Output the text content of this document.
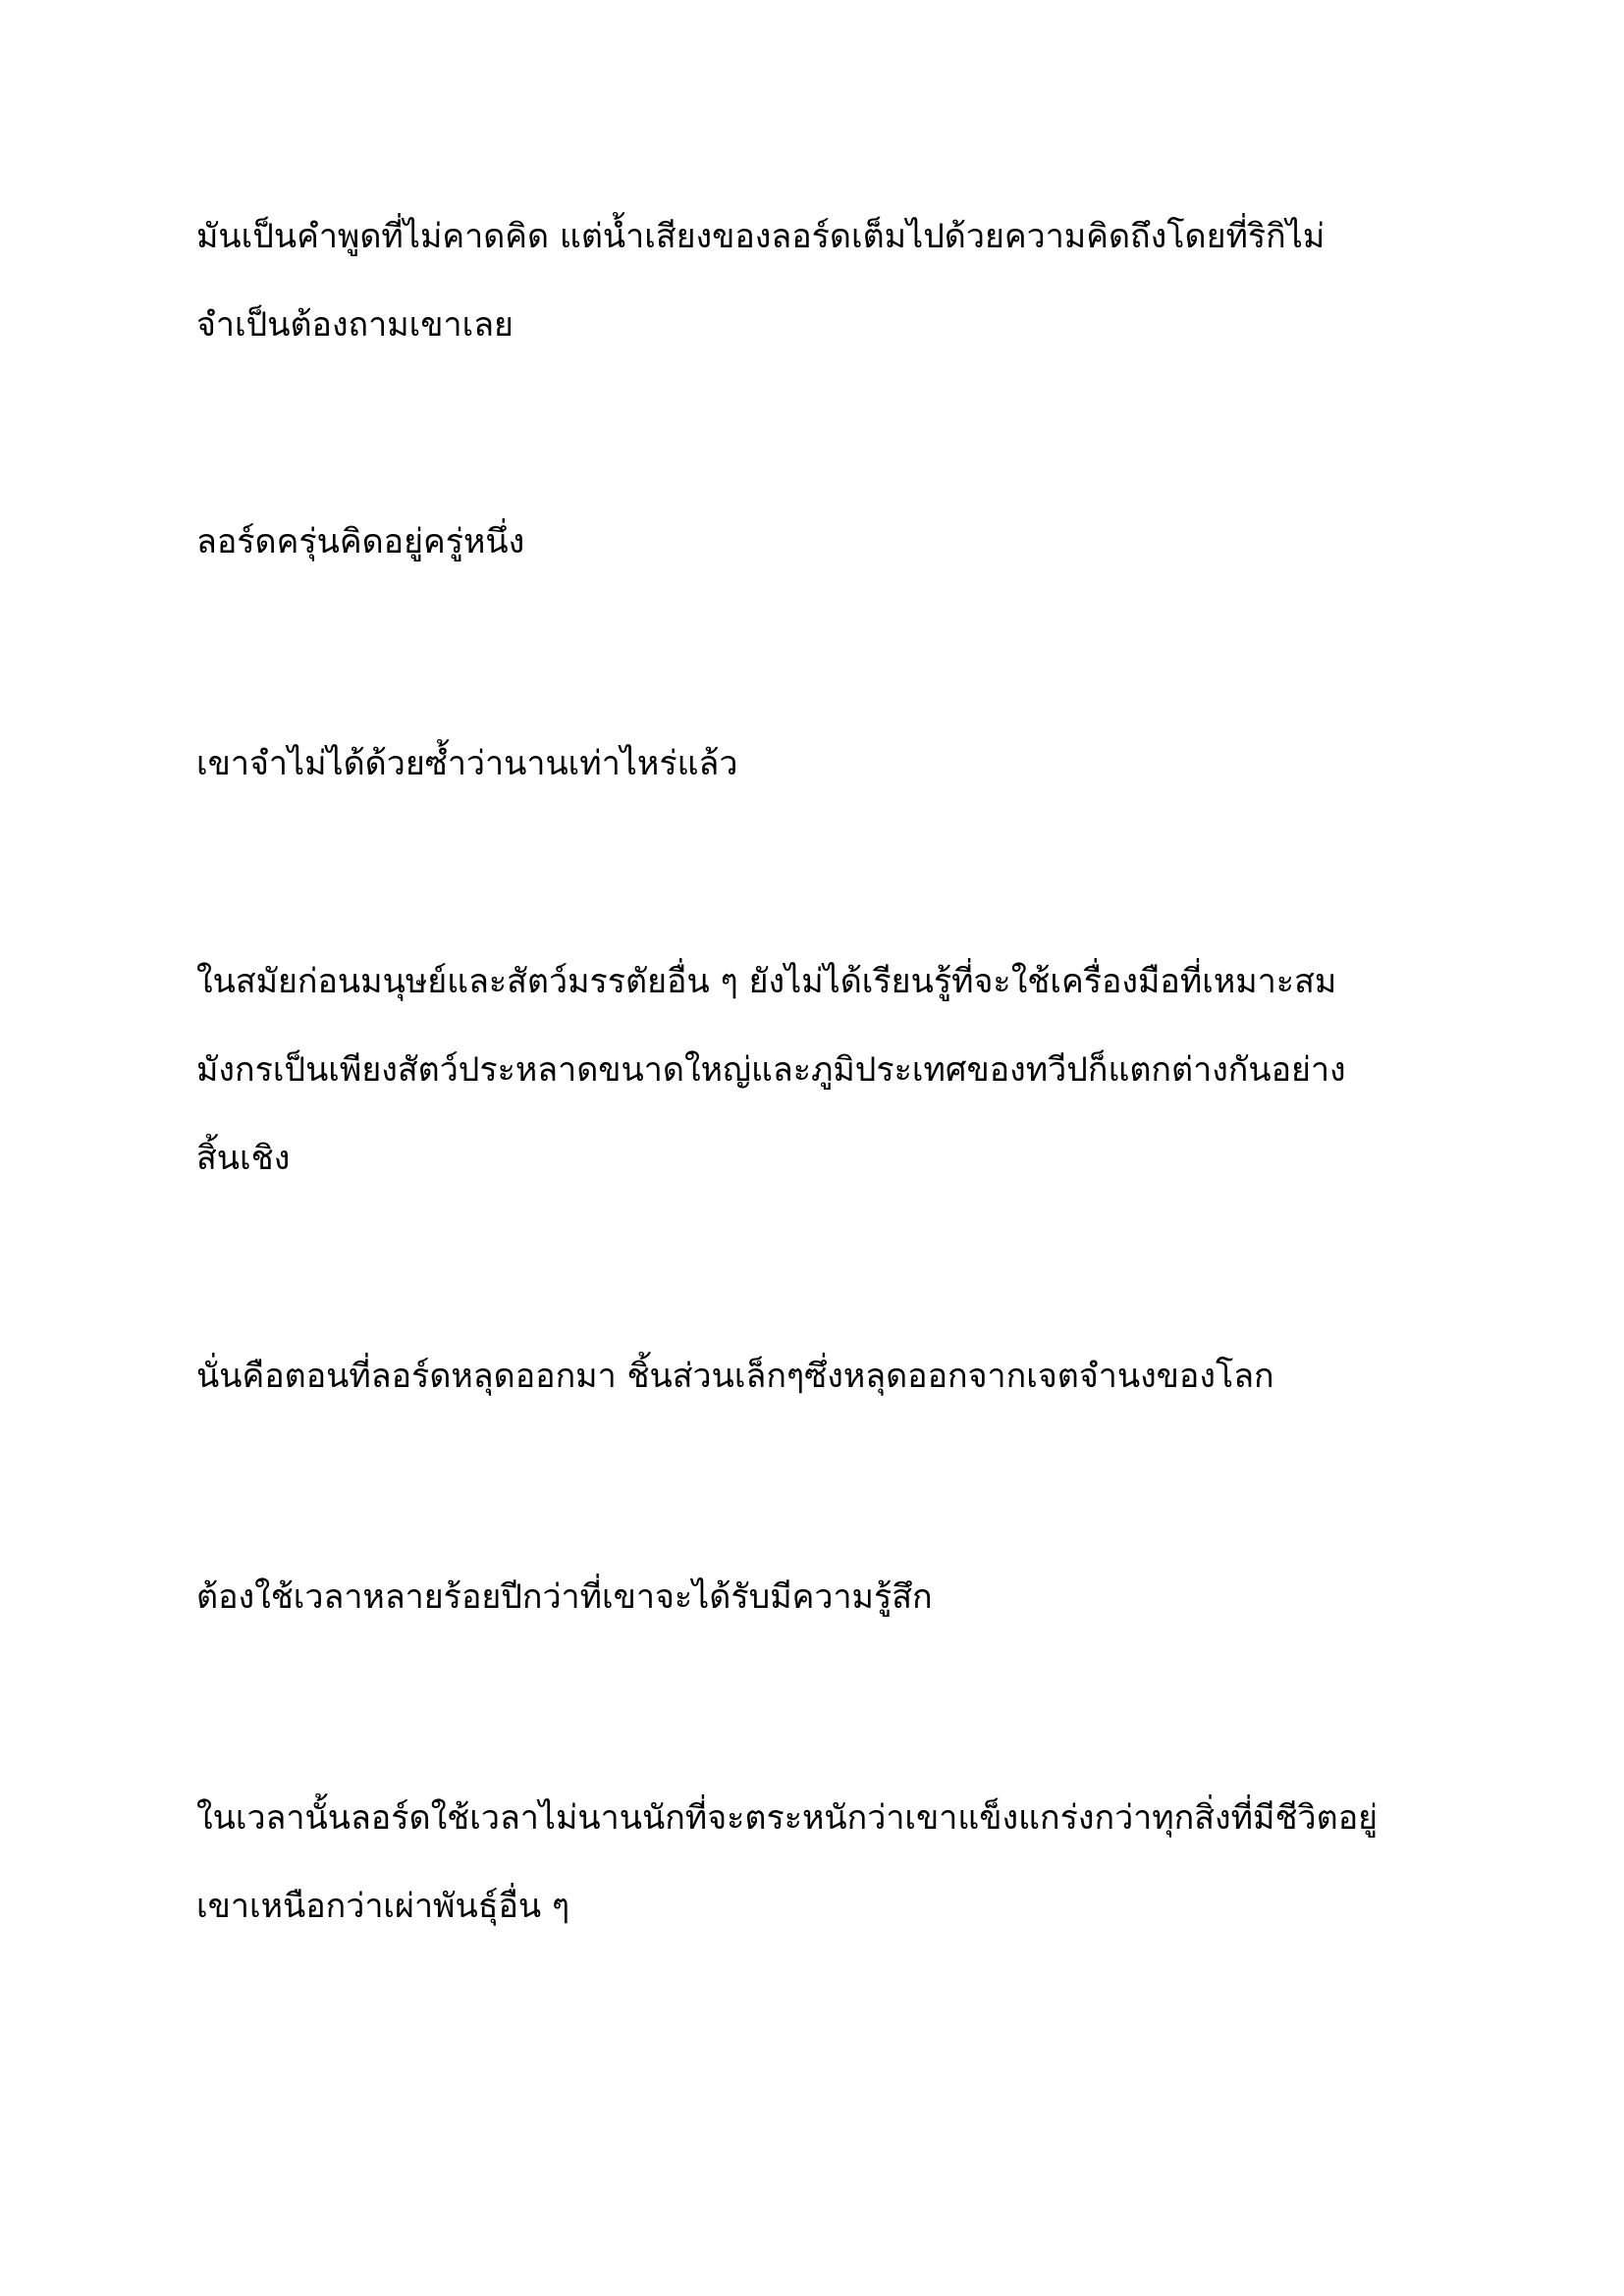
มันเป็นคำพูดที่ไม่คาดคิด แต่น้ำเสียงของลอร์ดเต็มไปด้วยความคิดถึงโดยที่ริกิไม่
จำเป็นต้องถามเขาเลย

ลอร์ดครุ่นคิดอยู่ครู่หนึ่ง

เขาจำไม่ได้ด้วยซ้ำว่านานเท่าไหร่แล้ว

ในสมัยก่อนมนุษย์และสัตว์มรรตัยอื่น ๆ ยังไม่ได้เรียนรู้ที่จะใช้เครื่องมือที่เหมาะสม
มังกรเป็นเพียงสัตว์ประหลาดขนาดใหญ่และภูมิประเทศของทวีปก็แตกต่างกันอย่าง
สิ้นเชิง

นั่นคือตอนที่ลอร์ดหลุดออกมา ชิ้นส่วนเล็กๆซึ่งหลุดออกจากเจตจำนงของโลก

ต้องใช้เวลาหลายร้อยปีกว่าที่เขาจะได้รับมีความรู้สึก

ในเวลานั้นลอร์ดใช้เวลาไม่นานนักที่จะตระหนักว่าเขาแข็งแกร่งกว่าทุกสิ่งที่มีชีวิตอยู่
เขาเหนือกว่าเผ่าพันธุ์อื่น ๆ
